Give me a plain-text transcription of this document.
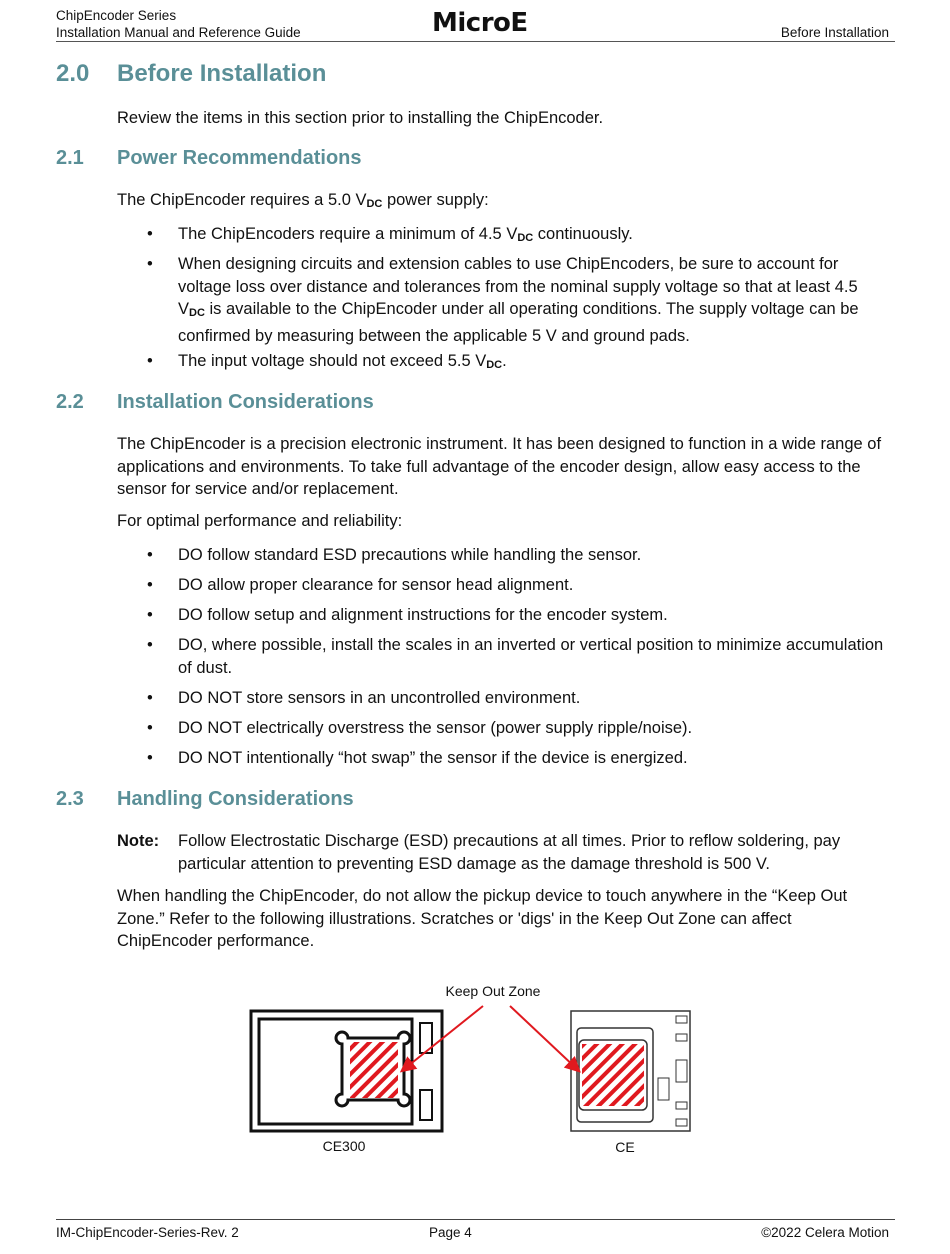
ChipEncoder Series
Installation Manual and Reference Guide	MicroE	Before Installation
2.0 Before Installation
Review the items in this section prior to installing the ChipEncoder.
2.1 Power Recommendations
The ChipEncoder requires a 5.0 $V_{DC}$ power supply:
• The ChipEncoders require a minimum of 4.5 $V_{DC}$ continuously.
• When designing circuits and extension cables to use ChipEncoders, be sure to account for voltage loss over distance and tolerances from the nominal supply voltage so that at least 4.5 $V_{DC}$ is available to the ChipEncoder under all operating conditions. The supply voltage can be confirmed by measuring between the applicable 5 V and ground pads.
• The input voltage should not exceed 5.5 $V_{DC}$.
2.2 Installation Considerations
The ChipEncoder is a precision electronic instrument. It has been designed to function in a wide range of applications and environments. To take full advantage of the encoder design, allow easy access to the sensor for service and/or replacement.
For optimal performance and reliability:
• DO follow standard ESD precautions while handling the sensor.
• DO allow proper clearance for sensor head alignment.
• DO follow setup and alignment instructions for the encoder system.
• DO, where possible, install the scales in an inverted or vertical position to minimize accumulation of dust.
• DO NOT store sensors in an uncontrolled environment.
• DO NOT electrically overstress the sensor (power supply ripple/noise).
• DO NOT intentionally “hot swap” the sensor if the device is energized.
2.3 Handling Considerations
Note: Follow Electrostatic Discharge (ESD) precautions at all times. Prior to reflow soldering, pay particular attention to preventing ESD damage as the damage threshold is 500 V.
When handling the ChipEncoder, do not allow the pickup device to touch anywhere in the “Keep Out Zone.” Refer to the following illustrations. Scratches or 'digs' in the Keep Out Zone can affect ChipEncoder performance.
Keep Out Zone
CE300	CE
IM-ChipEncoder-Series-Rev. 2	Page 4	©2022 Celera Motion
